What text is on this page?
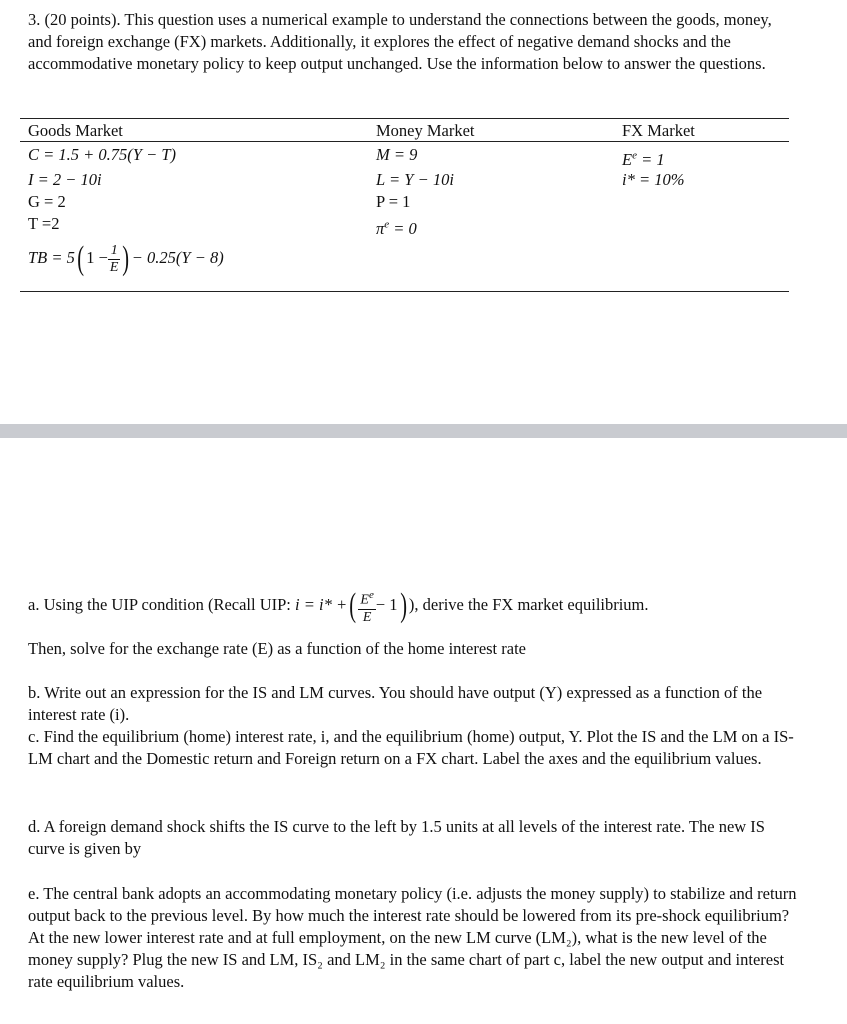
3. (20 points). This question uses a numerical example to understand the connections between the goods, money, and foreign exchange (FX) markets. Additionally, it explores the effect of negative demand shocks and the accommodative monetary policy to keep output unchanged. Use the information below to answer the questions.

Goods Market	Money Market	FX Market
C = 1.5 + 0.75(Y − T)
I = 2 − 10i
G = 2
T =2
TB = 5( $1 - \frac{1}{E}$ ) − 0.25(Y − 8)
M = 9
L = Y − 10i
P = 1
$\pi^e = 0$
$E^e = 1$
i* = 10%
a. Using the UIP condition (Recall UIP: i = i* +( $\frac{E^e}{E} - 1$) ), derive the FX market equilibrium.

Then, solve for the exchange rate (E) as a function of the home interest rate

b. Write out an expression for the IS and LM curves. You should have output (Y) expressed as a function of the interest rate (i).

c. Find the equilibrium (home) interest rate, i, and the equilibrium (home) output, Y. Plot the IS and the LM on a IS-LM chart and the Domestic return and Foreign return on a FX chart. Label the axes and the equilibrium values.

d. A foreign demand shock shifts the IS curve to the left by 1.5 units at all levels of the interest rate. The new IS curve is given by

e. The central bank adopts an accommodating monetary policy (i.e. adjusts the money supply) to stabilize and return output back to the previous level. By how much the interest rate should be lowered from its pre-shock equilibrium? At the new lower interest rate and at full employment, on the new LM curve (LM₂), what is the new level of the money supply? Plug the new IS and LM, IS₂ and LM₂ in the same chart of part c, label the new output and interest rate equilibrium values.
